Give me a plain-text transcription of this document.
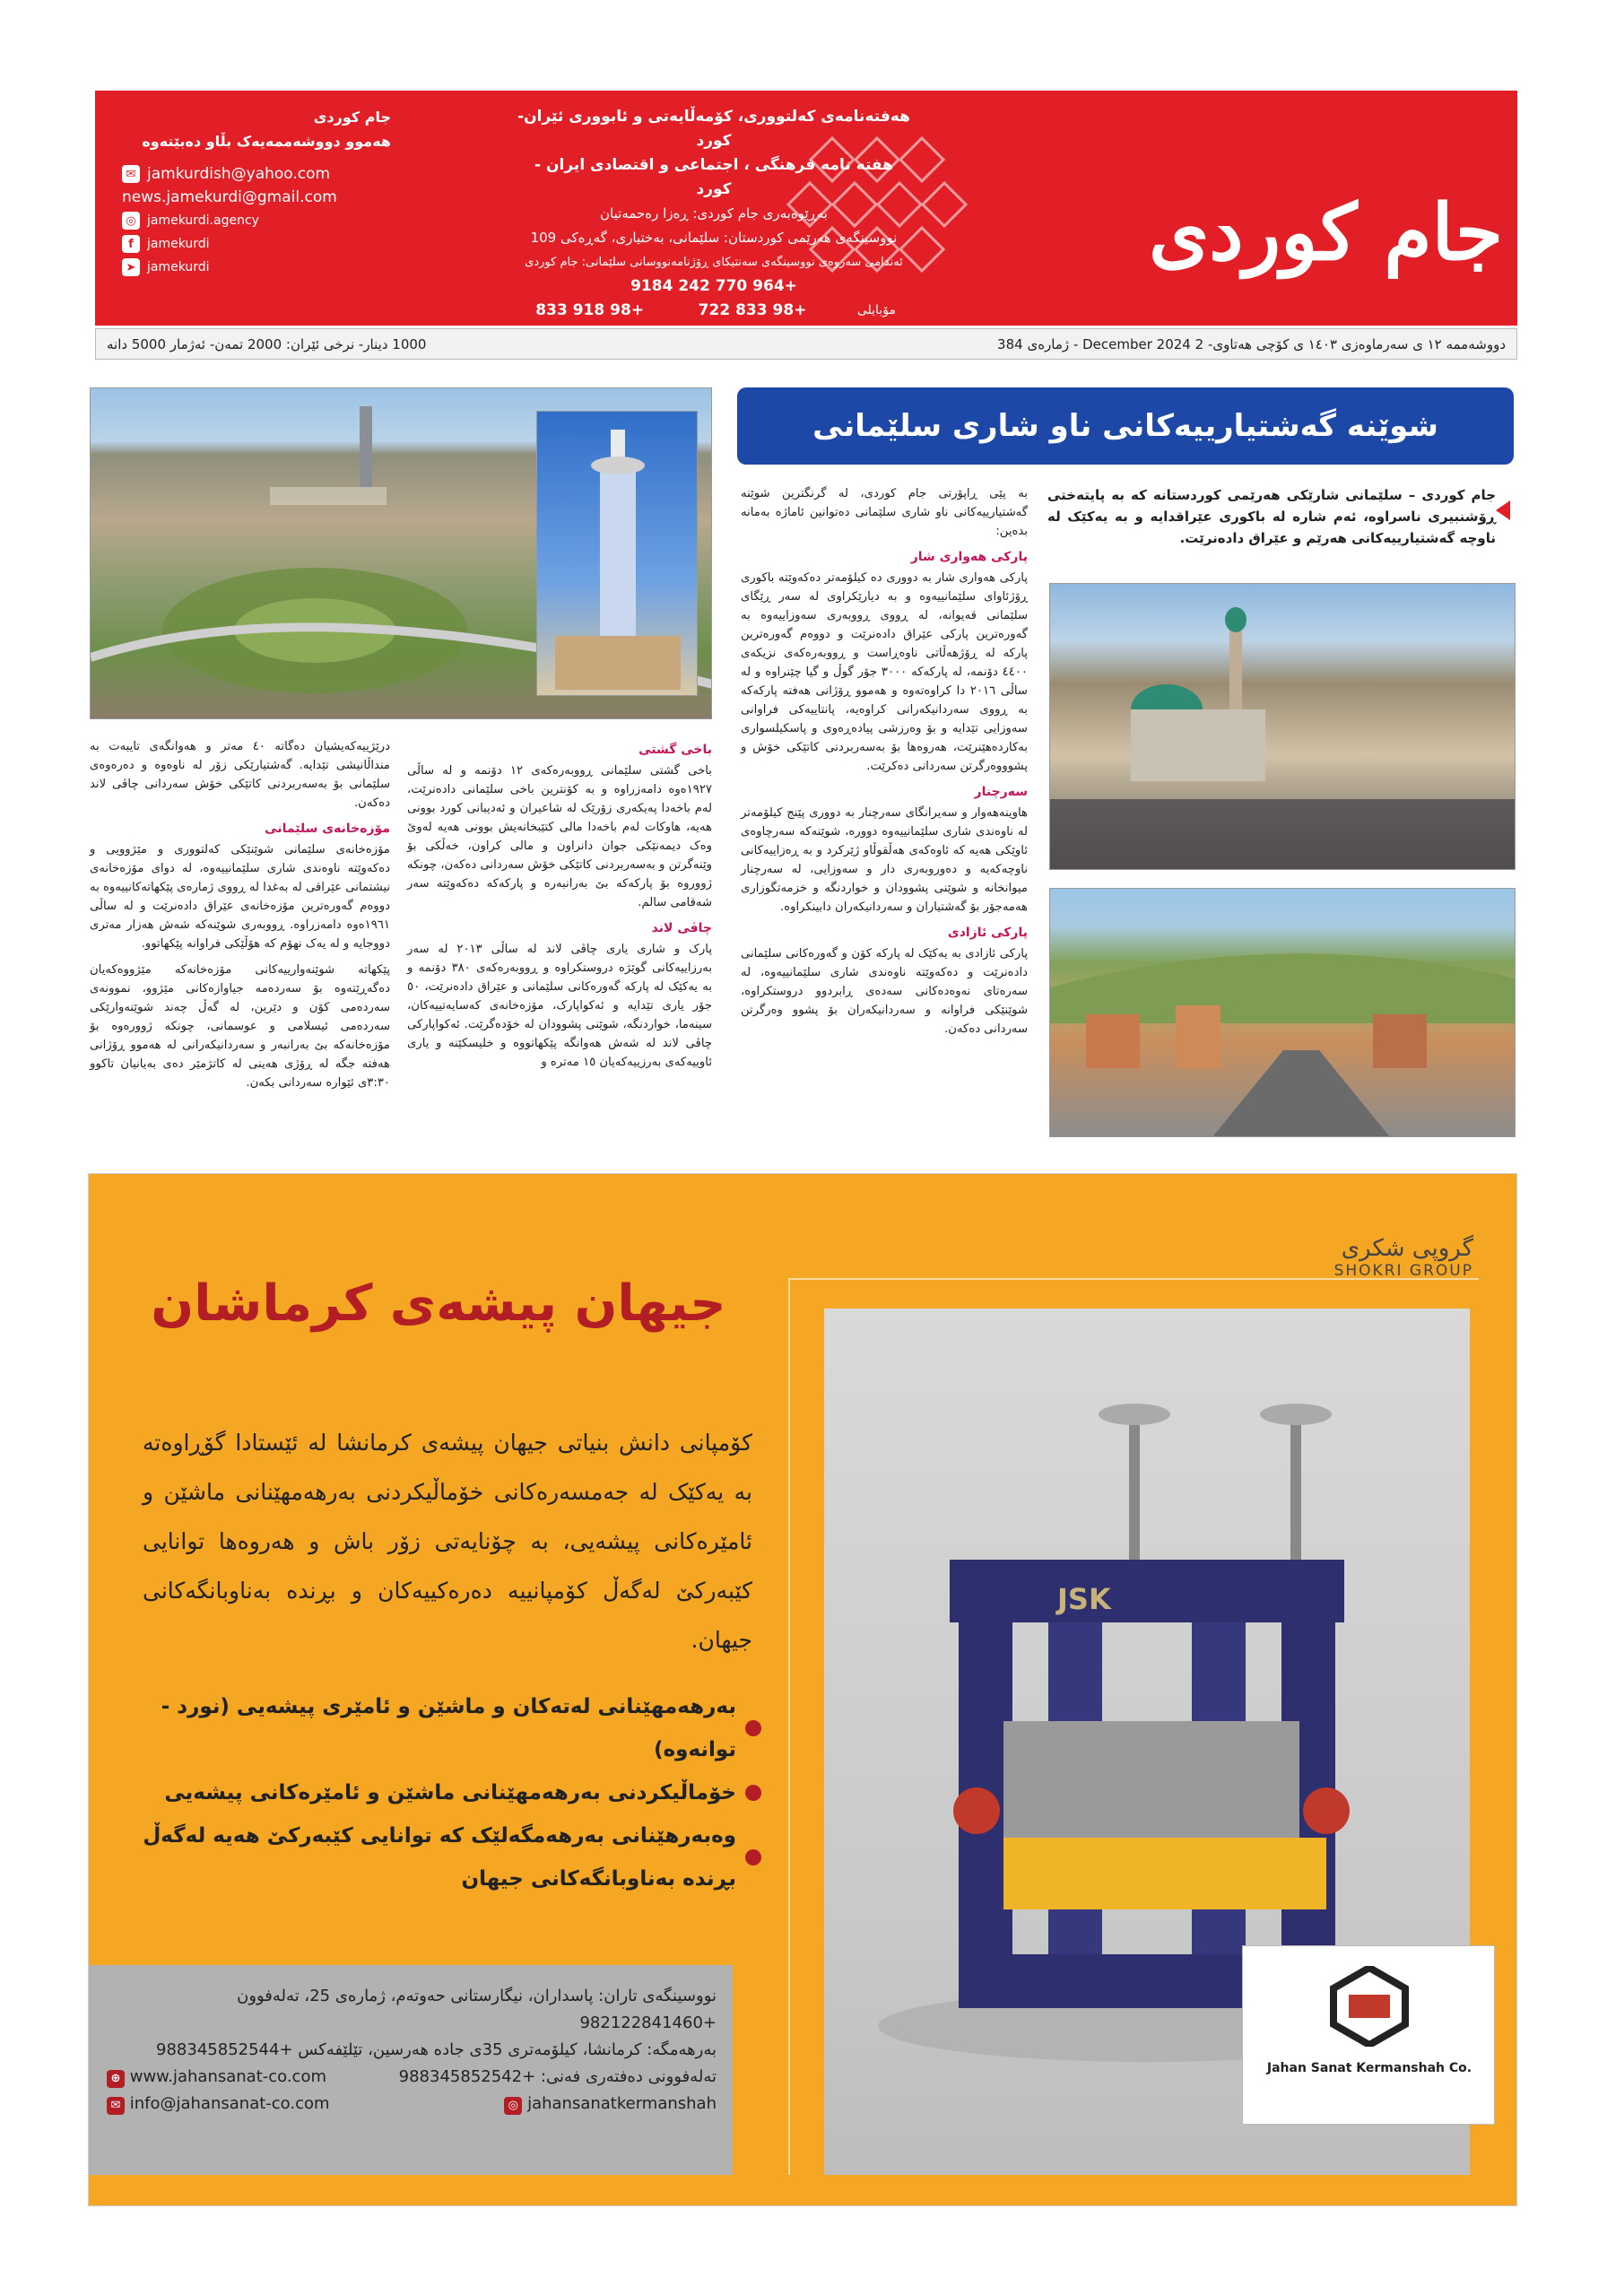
جام کوردی
هەفتەنامەی کەلتووری، کۆمەڵایەتی و ئابووری ئێران-کورد
هفته نامه فرهنگی ، اجتماعی و اقتصادی ایران - کورد
بەڕێوەبەری جام کوردی: ڕەزا رەحمەتیان
نووسینگەی هەرێمی کوردستان: سلێمانی، بەختیاری، گەڕەکی 109
ئەندامی سەروەی نووسینگەی سەنتیکای ڕۆژنامەنووسانی سلێمانی: جام کوردی
+964 770 242 9184
مۆبایلی
+98 833 722
+98 918 833
جام کوردی
هەموو دووشەممەیەک بڵاو دەبێتەوە
✉ jamkurdish@yahoo.com
news.jamekurdi@gmail.com
◎ jamekurdi.agency
f	jamekurdi
➤ jamekurdi
1000 دینار- نرخی ئێران: 2000 تمەن- ئەژمار 5000 دانە	دووشەممە ١٢ ی سەرماوەزی ١٤٠٣ ی کۆچی هەتاوی- 2 December 2024 - ژمارەی 384
شوێنە گەشتیارییەکانی ناو شاری سلێمانی
جام کوردی – سلێمانی شارێکی هەرێمی کوردستانە کە بە پایتەختی ڕۆشنبیری ناسراوە، ئەم شارە لە باکوری عێراقدایە و بە یەکێک لە ناوچە گەشتیارییەکانی هەرێم و عێراق دادەنرێت.

بە پێی ڕاپۆرتی جام کوردی، لە گرنگترین شوێنە گەشتیارییەکانی ناو شاری سلێمانی دەتوانین ئاماژە بەمانە بدەین:

پارکی هەواری شار

پارکی هەواری شار بە دووری دە کیلۆمەتر دەکەوێتە باکوری ڕۆژئاوای سلێمانییەوە و بە دیارێکراوی لە سەر ڕێگای سلێمانی قەیوانە، لە ڕووی ڕووبەری سەوزاییەوە بە گەورەترین پارکی عێراق دادەنرێت و دووەم گەورەترین پارکە لە ڕۆژهەڵاتی ناوەڕاست و ڕووبەرەکەی نزیکەی ٤٤٠٠ دۆنمە، لە پارکەکە ٣٠٠٠ جۆر گوڵ و گیا چێنراوە و لە ساڵی ٢٠١٦ دا کراوەتەوە و هەموو ڕۆژانی هەفتە پارکەکە بە ڕووی سەردانیکەرانی کراوەیە، پانتاییەکی فراوانی سەوزایی تێدایە و بۆ وەرزشی پیادەڕەوی و پاسکیلسواری بەکاردەهێنرێت، هەروەها بۆ بەسەربردنی کاتێکی خۆش و پشوووەرگرتن سەردانی دەکرێت.

سەرچنار

هاوینەهەوار و سەیرانگای سەرچنار بە دووری پێنج کیلۆمەتر لە ناوەندی شاری سلێمانییەوە دوورە، شوێنەکە سەرچاوەی ئاوێکی هەیە کە ئاوەکەی هەڵقوڵاو ژێرکرد و بە ڕەزاییەکانی ناوچەکەیە و دەوروبەری دار و سەوزایی، لە سەرچنار میوانخانە و شوێنی پشوودان و خواردنگە و خزمەتگوزاری هەمەجۆر بۆ گەشتیاران و سەردانیکەران دابینکراوە.

پارکی ئازادی

پارکی ئازادی بە یەکێک لە پارکە کۆن و گەورەکانی سلێمانی دادەنرێت و دەکەوێتە ناوەندی شاری سلێمانییەوە، لە سەرەتای نەوەدەکانی سەدەی ڕابردوو دروستکراوە، شوێنێکی فراوانە و سەردانیکەران بۆ پشوو وەرگرتن سەردانی دەکەن.

باخی گشتی

باخی گشتی سلێمانی ڕووبەرەکەی ١٢ دۆنمە و لە ساڵی ١٩٢٧ەوە دامەزراوە و بە کۆنترین باخی سلێمانی دادەنرێت، لەم باخەدا پەیکەری زۆرێک لە شاعیران و ئەدیبانی کورد بوونی هەیە، هاوکات لەم باخەدا مالی کتێبخانەیش بوونی هەیە لەوێ وەک دیمەنێکی جوان دانراون و مالی کراون، خەڵکی بۆ وێنەگرتن و بەسەربردنی کاتێکی خۆش سەردانی دەکەن، چونکە ژووروە بۆ پارکەکە بێ بەرانبەرە و پارکەکە دەکەوێتە سەر شەقامی سالم.

چاڤی لاند

پارک و شاری یاری چاڤی لاند لە ساڵی ٢٠١٣ لە سەر بەرزاییەکانی گوێژە دروستکراوە و ڕووبەرەکەی ٣٨٠ دۆنمە و بە یەکێک لە پارکە گەورەکانی سلێمانی و عێراق دادەنرێت، ٥٠ جۆر یاری تێدایە و ئەکواپارک، مۆزەخانەی کەسایەتییەکان، سینەما، خواردنگە، شوێنی پشوودان لە خۆدەگرێت. ئەکواپارکی چاڤی لاند لە شەش هەوانگە پێکهاتووە و خلیسکێنە و یاری ئاوییەکەی بەرزییەکەیان ١٥ مەترە و

درێژییەکەیشیان دەگاتە ٤٠ مەتر و هەوانگەی تایبەت بە منداڵانیشی تێدایە. گەشتیارێکی زۆر لە ناوەوە و دەرەوەی سلێمانی بۆ بەسەربردنی کاتێکی خۆش سەردانی چاڤی لاند دەکەن.

مۆزەخانەی سلێمانی

مۆزەخانەی سلێمانی شوێنێکی کەلتووری و مێژوویی و دەکەوێتە ناوەندی شاری سلێمانییەوە، لە دوای مۆزەخانەی نیشتمانی عێراقی لە بەغدا لە ڕووی ژمارەی پێکهاتەکانییەوە بە دووەم گەورەترین مۆزەخانەی عێراق دادەنرێت و لە ساڵی ١٩٦١ەوە دامەزراوە. ڕووبەری شوێنەکە شەش هەزار مەتری دووجایە و لە یەک نهۆم کە هۆڵێکی فراوانە پێکهاتوو.

پێکهاتە شوێنەوارییەکانی مۆزەخانەکە مێژووەکەیان دەگەڕێتەوە بۆ سەردەمە جیاوازەکانی مێژوو، نموونەی سەردەمی کۆن و دێرین، لە گەڵ چەند شوێنەوارێکی سەردەمی ئیسلامی و عوسمانی، چونکە ژوورەوە بۆ مۆزەخانەکە بێ بەرانبەر و سەردانیکەرانی لە هەموو ڕۆژانی هەفتە جگە لە ڕۆژی هەینی لە کاتژمێر دەی بەیانیان تاکوو ٣:٣٠ی ئێوارە سەردانی بکەن.

گروپی شکری
SHOKRI GROUP
JSK
Jahan Sanat Kermanshah Co.
جیهان پیشەی کرماشان
کۆمپانی دانش بنیاتی جیهان پیشەی کرمانشا لە ئێستادا گۆڕاوەتە بە یەکێک لە جەمسەرەکانی خۆماڵیکردنی بەرهەمهێنانی ماشێن و ئامێرەکانی پیشەیی، بە چۆنایەتی زۆر باش و هەروەها توانایی کێبەرکێ لەگەڵ کۆمپانییە دەرەکییەکان و بڕندە بەناوبانگەکانی جیهان.
بەرهەمهێنانی لەتەکان و ماشێن و ئامێری پیشەیی (نورد - توانەوە)
خۆماڵیکردنی بەرهەمهێنانی ماشێن و ئامێرەکانی پیشەیی
وەبەرهێنانی بەرهەمگەلێک کە توانایی کێبەرکێ هەیە لەگەڵ بڕندە بەناوبانگەکانی جیهان
نووسینگەی تاران: پاسداران، نیگارستانی حەوتەم، ژمارەی 25، تەلەفوون +982122841460
بەرهەمگە: کرمانشا، کیلۆمەتری 35ی جادە هەرسین، تێلێفەکس +988345852544
تەلەفوونی دەفتەری فەنی: +988345852542
⊕ www.jahansanat-co.com
◎ jahansanatkermanshah
✉ info@jahansanat-co.com
